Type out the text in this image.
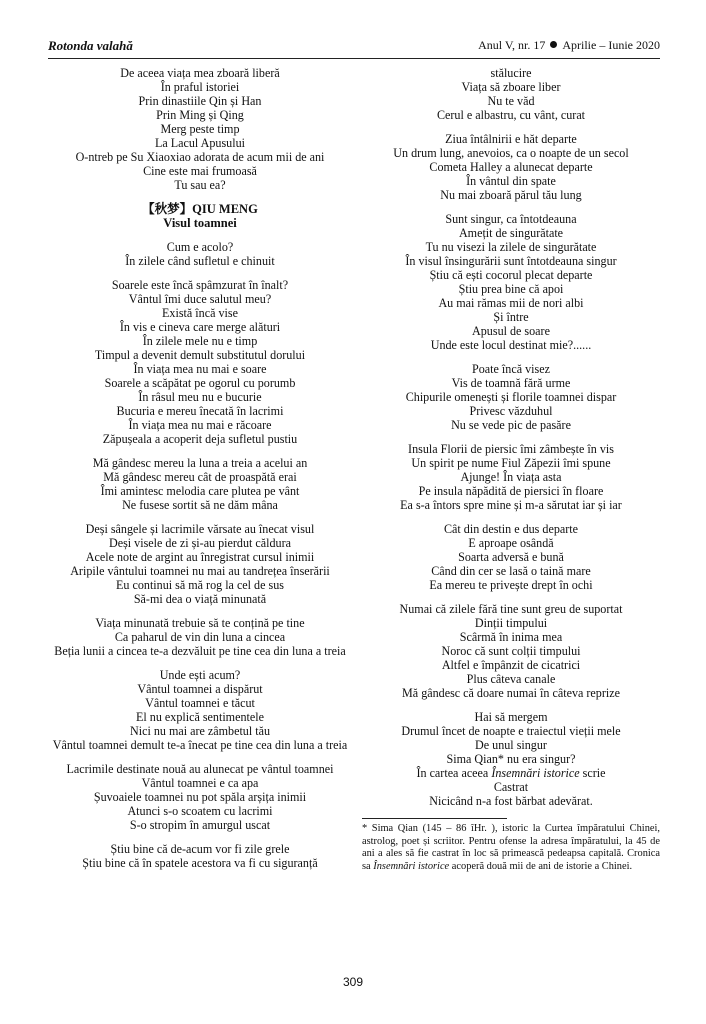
Rotonda valahă	Anul V, nr. 17 Aprilie – Iunie 2020
De aceea viața mea zboară liberă
În praful istoriei
Prin dinastiile Qin și Han
Prin Ming și Qing
Merg peste timp
La Lacul Apusului
O-ntreb pe Su Xiaoxiao adorata de acum mii de ani
Cine este mai frumoasă
Tu sau ea?
【秋梦】QIU MENG
Visul toamnei
Cum e acolo?
În zilele când sufletul e chinuit
Soarele este încă spâmzurat în înalt?
Vântul îmi duce salutul meu?
Există încă vise
În vis e cineva care merge alături
În zilele mele nu e timp
Timpul a devenit demult substitutul dorului
În viața mea nu mai e soare
Soarele a scăpătat pe ogorul cu porumb
În râsul meu nu e bucurie
Bucuria e mereu înecată în lacrimi
În viața mea nu mai e răcoare
Zăpușeala a acoperit deja sufletul pustiu
Mă gândesc mereu la luna a treia a acelui an
Mă gândesc mereu cât de proaspătă erai
Îmi amintesc melodia care plutea pe vânt
Ne fusese sortit să ne dăm mâna
Deși sângele și lacrimile vărsate au înecat visul
Deși visele de zi și-au pierdut căldura
Acele note de argint au înregistrat cursul inimii
Aripile vântului toamnei nu mai au tandrețea înserării
Eu continui să mă rog la cel de sus
Să-mi dea o viață minunată
Viața minunată trebuie să te conțină pe tine
Ca paharul de vin din luna a cincea
Beția lunii a cincea te-a dezvăluit pe tine cea din luna a treia
Unde ești acum?
Vântul toamnei a dispărut
Vântul toamnei e tăcut
El nu explică sentimentele
Nici nu mai are zâmbetul tău
Vântul toamnei demult te-a înecat pe tine cea din luna a treia
Lacrimile destinate nouă au alunecat pe vântul toamnei
Vântul toamnei e ca apa
Șuvoaiele toamnei nu pot spăla arșița inimii
Atunci s-o scoatem cu lacrimi
S-o stropim în amurgul uscat
Știu bine că de-acum vor fi zile grele
Știu bine că în spatele acestora va fi cu siguranță
stălucire
Viața să zboare liber
Nu te văd
Cerul e albastru, cu vânt, curat
Ziua întâlnirii e hăt departe
Un drum lung, anevoios, ca o noapte de un secol
Cometa Halley a alunecat departe
În vântul din spate
Nu mai zboară părul tău lung
Sunt singur, ca întotdeauna
Amețit de singurătate
Tu nu visezi la zilele de singurătate
În visul însingurării sunt întotdeauna singur
Știu că ești cocorul plecat departe
Știu prea bine că apoi
Au mai rămas mii de nori albi
Și între
Apusul de soare
Unde este locul destinat mie?......
Poate încă visez
Vis de toamnă fără urme
Chipurile omenești și florile toamnei dispar
Privesc văzduhul
Nu se vede pic de pasăre
Insula Florii de piersic îmi zâmbește în vis
Un spirit pe nume Fiul Zăpezii îmi spune
Ajunge! În viața asta
Pe insula năpădită de piersici în floare
Ea s-a întors spre mine și m-a sărutat iar și iar
Cât din destin e dus departe
E aproape osândă
Soarta adversă e bună
Când din cer se lasă o taină mare
Ea mereu te privește drept în ochi
Numai că zilele fără tine sunt greu de suportat
Dinții timpului
Scârmă în inima mea
Noroc că sunt colții timpului
Altfel e împânzit de cicatrici
Plus câteva canale
Mă gândesc că doare numai în câteva reprize
Hai să mergem
Drumul încet de noapte e traiectul vieții mele
De unul singur
Sima Qian* nu era singur?
În cartea aceea Însemnări istorice scrie
Castrat
Nicicând n-a fost bărbat adevărat.
* Sima Qian (145 – 86 îHr. ), istoric la Curtea împăratului Chinei, astrolog, poet și scriitor. Pentru ofense la adresa împăratului, la 45 de ani a ales să fie castrat în loc să primească pedeapsa capitală. Cronica sa Însemnări istorice acoperă două mii de ani de istorie a Chinei.
309
